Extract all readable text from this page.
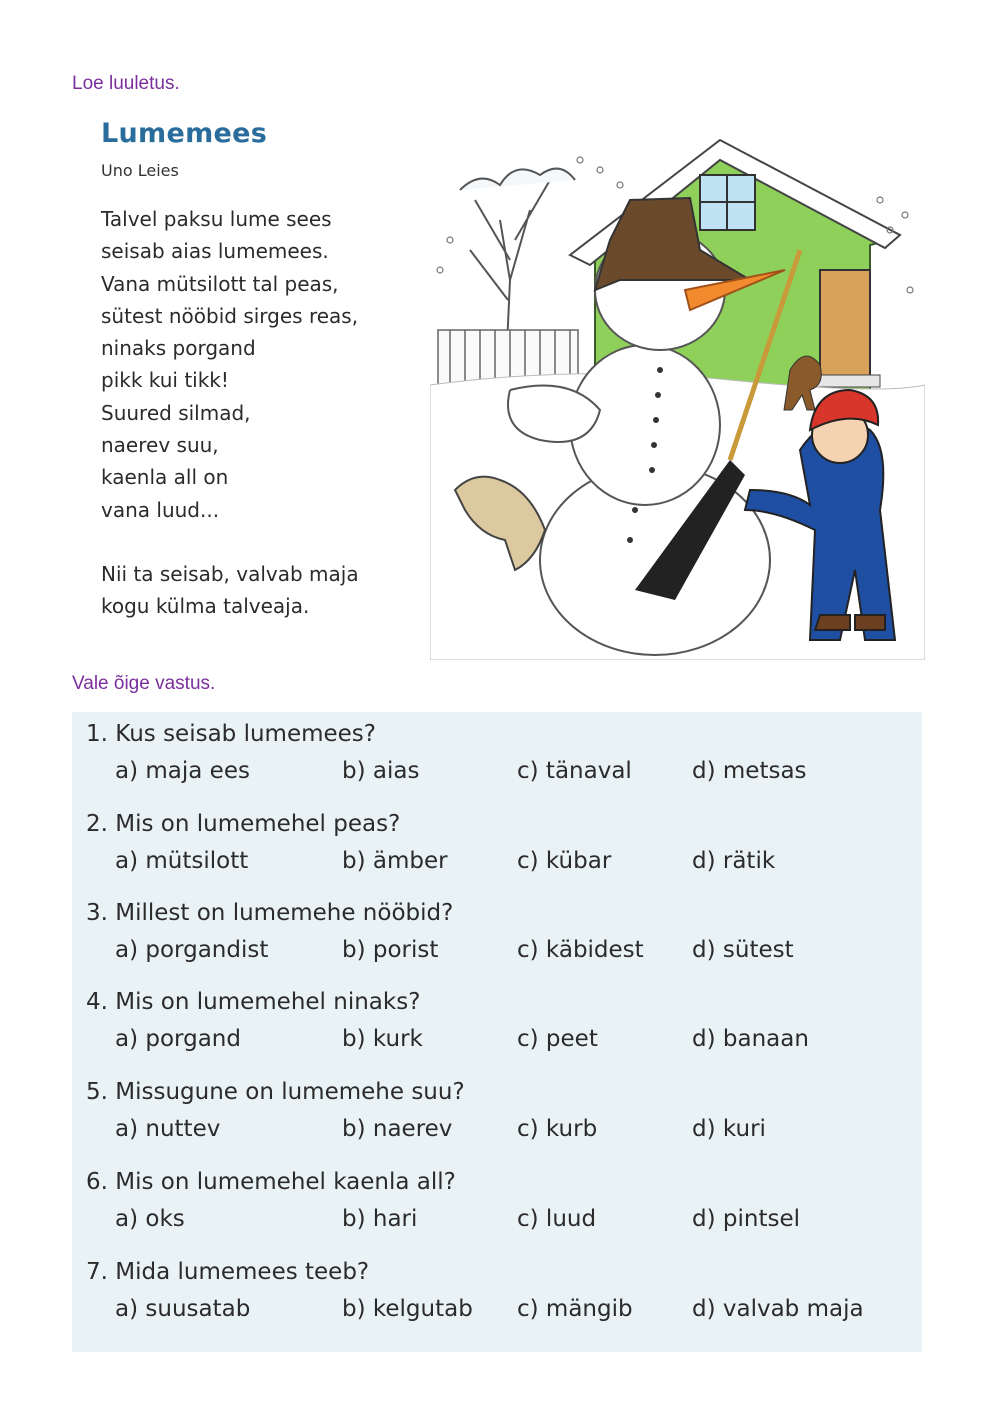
Loe luuletus.
Lumemees
Uno Leies
Talvel paksu lume sees
seisab aias lumemees.
Vana mütsilott tal peas,
sütest nööbid sirges reas,
ninaks porgand
pikk kui tikk!
Suured silmad,
naerev suu,
kaenla all on
vana luud...
Nii ta seisab, valvab maja
kogu külma talveaja.
Vale õige vastus.
1. Kus seisab lumemees?
a) maja ees	b) aias	c) tänaval	d) metsas
2. Mis on lumemehel peas?
a) mütsilott	b) ämber	c) kübar	d) rätik
3. Millest on lumemehe nööbid?
a) porgandist	b) porist	c) käbidest d) sütest
4. Mis on lumemehel ninaks?
a) porgand	b) kurk	c) peet	d) banaan
5. Missugune on lumemehe suu?
a) nuttev	b) naerev	c) kurb	d) kuri
6. Mis on lumemehel kaenla all?
a) oks	b) hari	c) luud	d) pintsel
7. Mida lumemees teeb?
a) suusatab	b) kelgutab c) mängib	d) valvab maja
